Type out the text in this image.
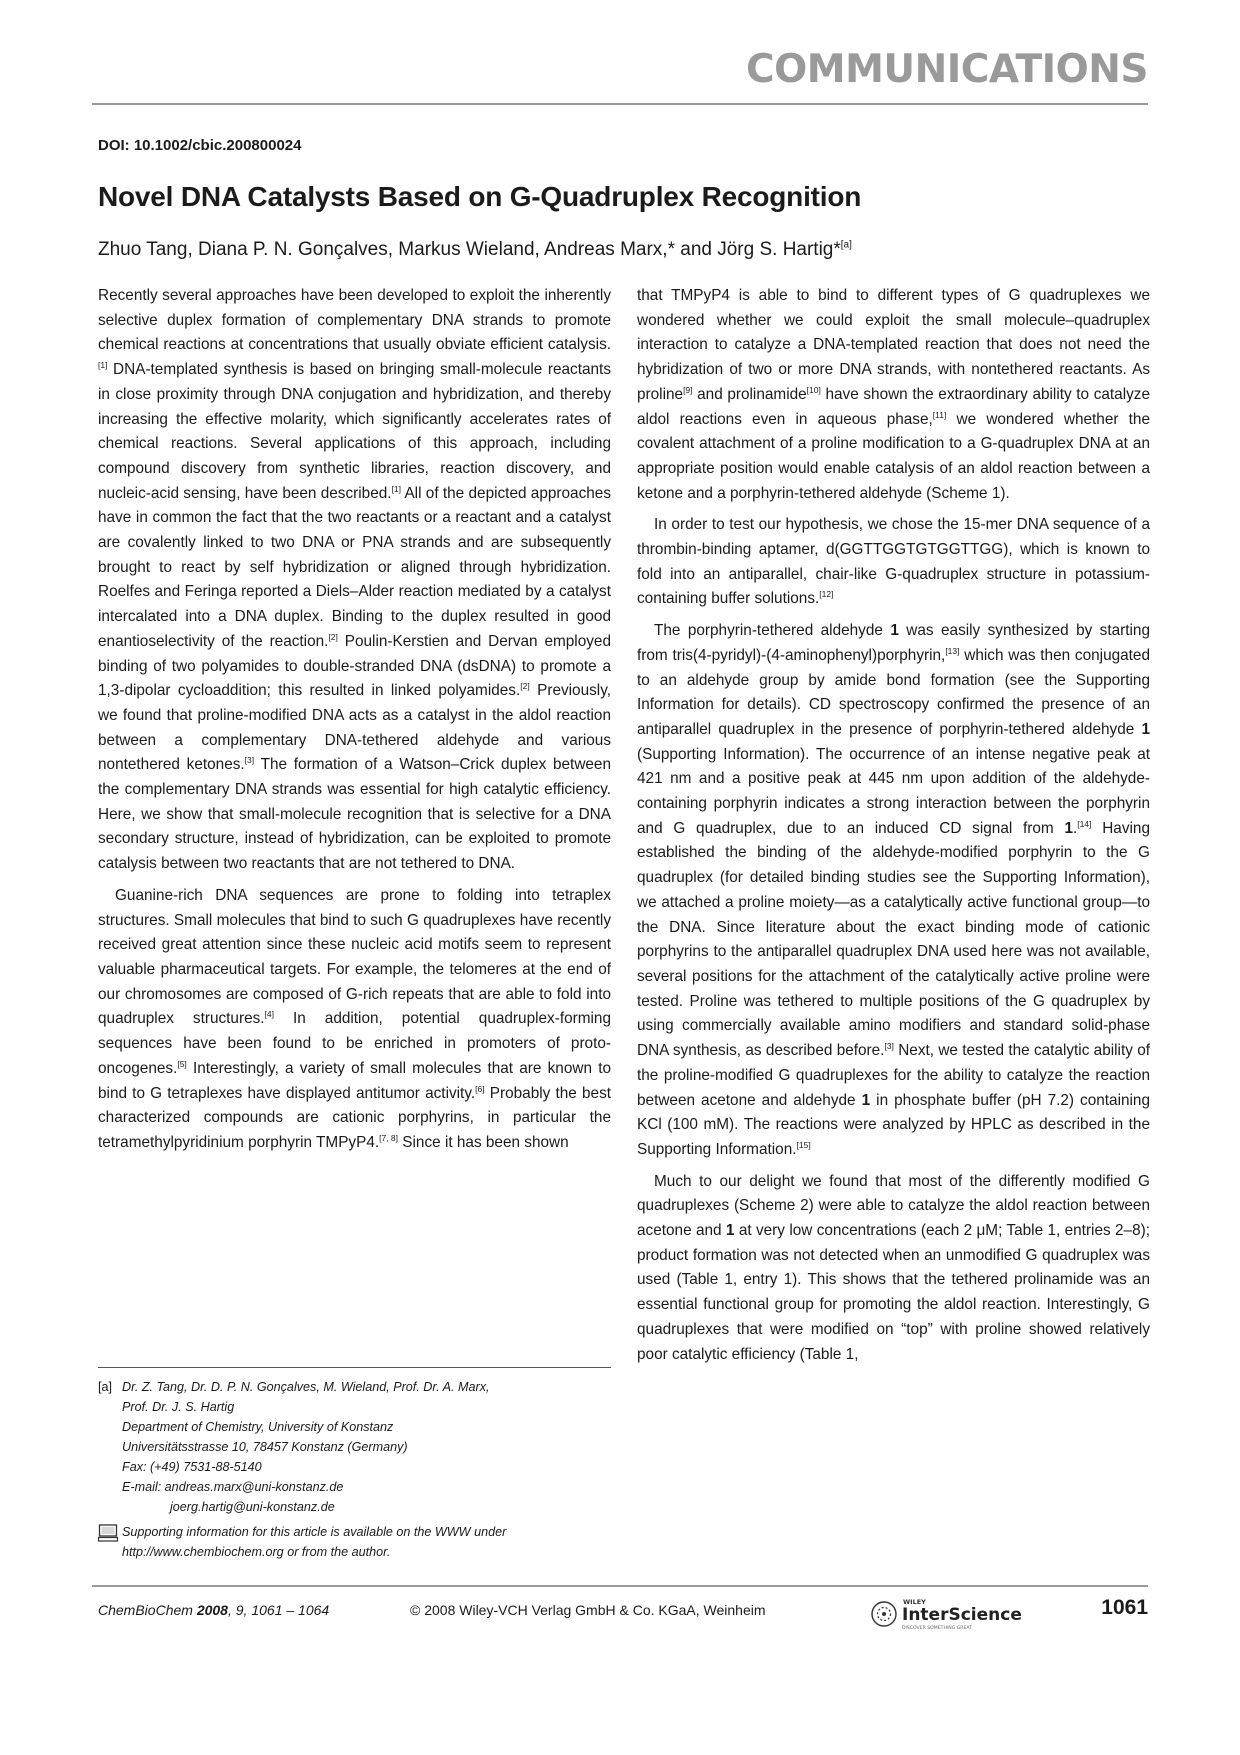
COMMUNICATIONS
DOI: 10.1002/cbic.200800024
Novel DNA Catalysts Based on G-Quadruplex Recognition
Zhuo Tang, Diana P. N. Gonçalves, Markus Wieland, Andreas Marx,* and Jörg S. Hartig*[a]

Recently several approaches have been developed to exploit the inherently selective duplex formation of complementary DNA strands to promote chemical reactions at concentrations that usually obviate efficient catalysis.[1] DNA-templated synthesis is based on bringing small-molecule reactants in close proximity through DNA conjugation and hybridization, and thereby increasing the effective molarity, which significantly accelerates rates of chemical reactions. Several applications of this approach, including compound discovery from synthetic libraries, reaction discovery, and nucleic-acid sensing, have been described.[1] All of the depicted approaches have in common the fact that the two reactants or a reactant and a catalyst are covalently linked to two DNA or PNA strands and are subsequently brought to react by self hybridization or aligned through hybridization. Roelfes and Feringa reported a Diels–Alder reaction mediated by a catalyst intercalated into a DNA duplex. Binding to the duplex resulted in good enantioselectivity of the reaction.[2] Poulin-Kerstien and Dervan employed binding of two polyamides to double-stranded DNA (dsDNA) to promote a 1,3-dipolar cycloaddition; this resulted in linked polyamides.[2] Previously, we found that proline-modified DNA acts as a catalyst in the aldol reaction between a complementary DNA-tethered aldehyde and various nontethered ketones.[3] The formation of a Watson–Crick duplex between the complementary DNA strands was essential for high catalytic efficiency. Here, we show that small-molecule recognition that is selective for a DNA secondary structure, instead of hybridization, can be exploited to promote catalysis between two reactants that are not tethered to DNA.

Guanine-rich DNA sequences are prone to folding into tetraplex structures. Small molecules that bind to such G quadruplexes have recently received great attention since these nucleic acid motifs seem to represent valuable pharmaceutical targets. For example, the telomeres at the end of our chromosomes are composed of G-rich repeats that are able to fold into quadruplex structures.[4] In addition, potential quadruplex-forming sequences have been found to be enriched in promoters of proto-oncogenes.[5] Interestingly, a variety of small molecules that are known to bind to G tetraplexes have displayed antitumor activity.[6] Probably the best characterized compounds are cationic porphyrins, in particular the tetramethylpyridinium porphyrin TMPyP4.[7, 8] Since it has been shown

that TMPyP4 is able to bind to different types of G quadruplexes we wondered whether we could exploit the small molecule–quadruplex interaction to catalyze a DNA-templated reaction that does not need the hybridization of two or more DNA strands, with nontethered reactants. As proline[9] and prolinamide[10] have shown the extraordinary ability to catalyze aldol reactions even in aqueous phase,[11] we wondered whether the covalent attachment of a proline modification to a G-quadruplex DNA at an appropriate position would enable catalysis of an aldol reaction between a ketone and a porphyrin-tethered aldehyde (Scheme 1).

In order to test our hypothesis, we chose the 15-mer DNA sequence of a thrombin-binding aptamer, d(GGTTGGTGTGGTTGG), which is known to fold into an antiparallel, chair-like G-quadruplex structure in potassium-containing buffer solutions.[12]

The porphyrin-tethered aldehyde 1 was easily synthesized by starting from tris(4-pyridyl)-(4-aminophenyl)porphyrin,[13] which was then conjugated to an aldehyde group by amide bond formation (see the Supporting Information for details). CD spectroscopy confirmed the presence of an antiparallel quadruplex in the presence of porphyrin-tethered aldehyde 1 (Supporting Information). The occurrence of an intense negative peak at 421 nm and a positive peak at 445 nm upon addition of the aldehyde-containing porphyrin indicates a strong interaction between the porphyrin and G quadruplex, due to an induced CD signal from 1.[14] Having established the binding of the aldehyde-modified porphyrin to the G quadruplex (for detailed binding studies see the Supporting Information), we attached a proline moiety—as a catalytically active functional group—to the DNA. Since literature about the exact binding mode of cationic porphyrins to the antiparallel quadruplex DNA used here was not available, several positions for the attachment of the catalytically active proline were tested. Proline was tethered to multiple positions of the G quadruplex by using commercially available amino modifiers and standard solid-phase DNA synthesis, as described before.[3] Next, we tested the catalytic ability of the proline-modified G quadruplexes for the ability to catalyze the reaction between acetone and aldehyde 1 in phosphate buffer (pH 7.2) containing KCl (100 mM). The reactions were analyzed by HPLC as described in the Supporting Information.[15]

Much to our delight we found that most of the differently modified G quadruplexes (Scheme 2) were able to catalyze the aldol reaction between acetone and 1 at very low concentrations (each 2 μM; Table 1, entries 2–8); product formation was not detected when an unmodified G quadruplex was used (Table 1, entry 1). This shows that the tethered prolinamide was an essential functional group for promoting the aldol reaction. Interestingly, G quadruplexes that were modified on “top” with proline showed relatively poor catalytic efficiency (Table 1,

[a] Dr. Z. Tang, Dr. D. P. N. Gonçalves, M. Wieland, Prof. Dr. A. Marx,
Prof. Dr. J. S. Hartig
Department of Chemistry, University of Konstanz
Universitätsstrasse 10, 78457 Konstanz (Germany)
Fax: (+49) 7531-88-5140
E-mail: andreas.marx@uni-konstanz.de
joerg.hartig@uni-konstanz.de
Supporting information for this article is available on the WWW under
http://www.chembiochem.org or from the author.
ChemBioChem 2008, 9, 1061 – 1064	© 2008 Wiley-VCH Verlag GmbH & Co. KGaA, Weinheim	WILEY
InterScience
DISCOVER SOMETHING GREAT
1061
